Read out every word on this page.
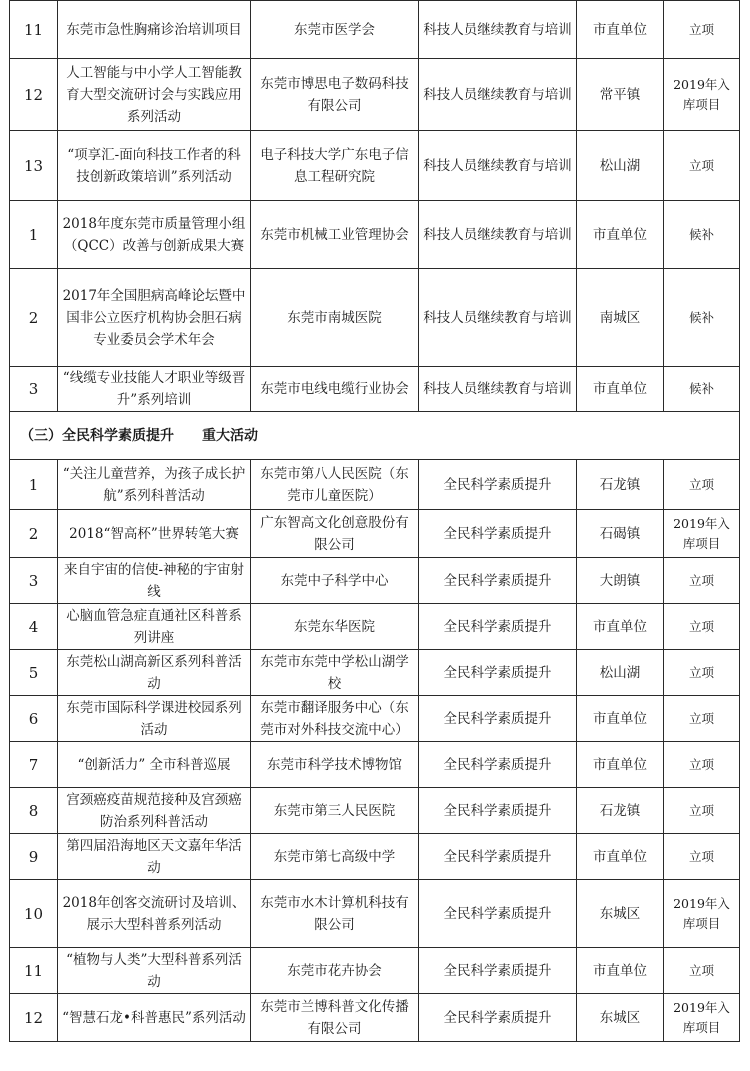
11	东莞市急性胸痛诊治培训项目	东莞市医学会	科技人员继续教育与培训	市直单位	立项
12	人工智能与中小学人工智能教育大型交流研讨会与实践应用系列活动	东莞市博思电子数码科技有限公司	科技人员继续教育与培训	常平镇	2019年入库项目
13	“项享汇-面向科技工作者的科技创新政策培训”系列活动	电子科技大学广东电子信息工程研究院	科技人员继续教育与培训	松山湖	立项
1	2018年度东莞市质量管理小组（QCC）改善与创新成果大赛	东莞市机械工业管理协会	科技人员继续教育与培训	市直单位	候补
2	2017年全国胆病高峰论坛暨中国非公立医疗机构协会胆石病专业委员会学术年会	东莞市南城医院	科技人员继续教育与培训	南城区	候补
3	“线缆专业技能人才职业等级晋升”系列培训	东莞市电线电缆行业协会	科技人员继续教育与培训	市直单位	候补
（三）全民科学素质提升 重大活动					
1	“关注儿童营养，为孩子成长护航”系列科普活动	东莞市第八人民医院（东莞市儿童医院）	全民科学素质提升	石龙镇	立项
2	2018“智高杯”世界转笔大赛	广东智高文化创意股份有限公司	全民科学素质提升	石碣镇	2019年入库项目
3	来自宇宙的信使-神秘的宇宙射线	东莞中子科学中心	全民科学素质提升	大朗镇	立项
4	心脑血管急症直通社区科普系列讲座	东莞东华医院	全民科学素质提升	市直单位	立项
5	东莞松山湖高新区系列科普活动	东莞市东莞中学松山湖学校	全民科学素质提升	松山湖	立项
6	东莞市国际科学课进校园系列活动	东莞市翻译服务中心（东莞市对外科技交流中心）	全民科学素质提升	市直单位	立项
7	“创新活力” 全市科普巡展	东莞市科学技术博物馆	全民科学素质提升	市直单位	立项
8	宫颈癌疫苗规范接种及宫颈癌防治系列科普活动	东莞市第三人民医院	全民科学素质提升	石龙镇	立项
9	第四届沿海地区天文嘉年华活动	东莞市第七高级中学	全民科学素质提升	市直单位	立项
10	2018年创客交流研讨及培训、展示大型科普系列活动	东莞市水木计算机科技有限公司	全民科学素质提升	东城区	2019年入库项目
11	“植物与人类”大型科普系列活动	东莞市花卉协会	全民科学素质提升	市直单位	立项
12	“智慧石龙•科普惠民”系列活动	东莞市兰博科普文化传播有限公司	全民科学素质提升	东城区	2019年入库项目
